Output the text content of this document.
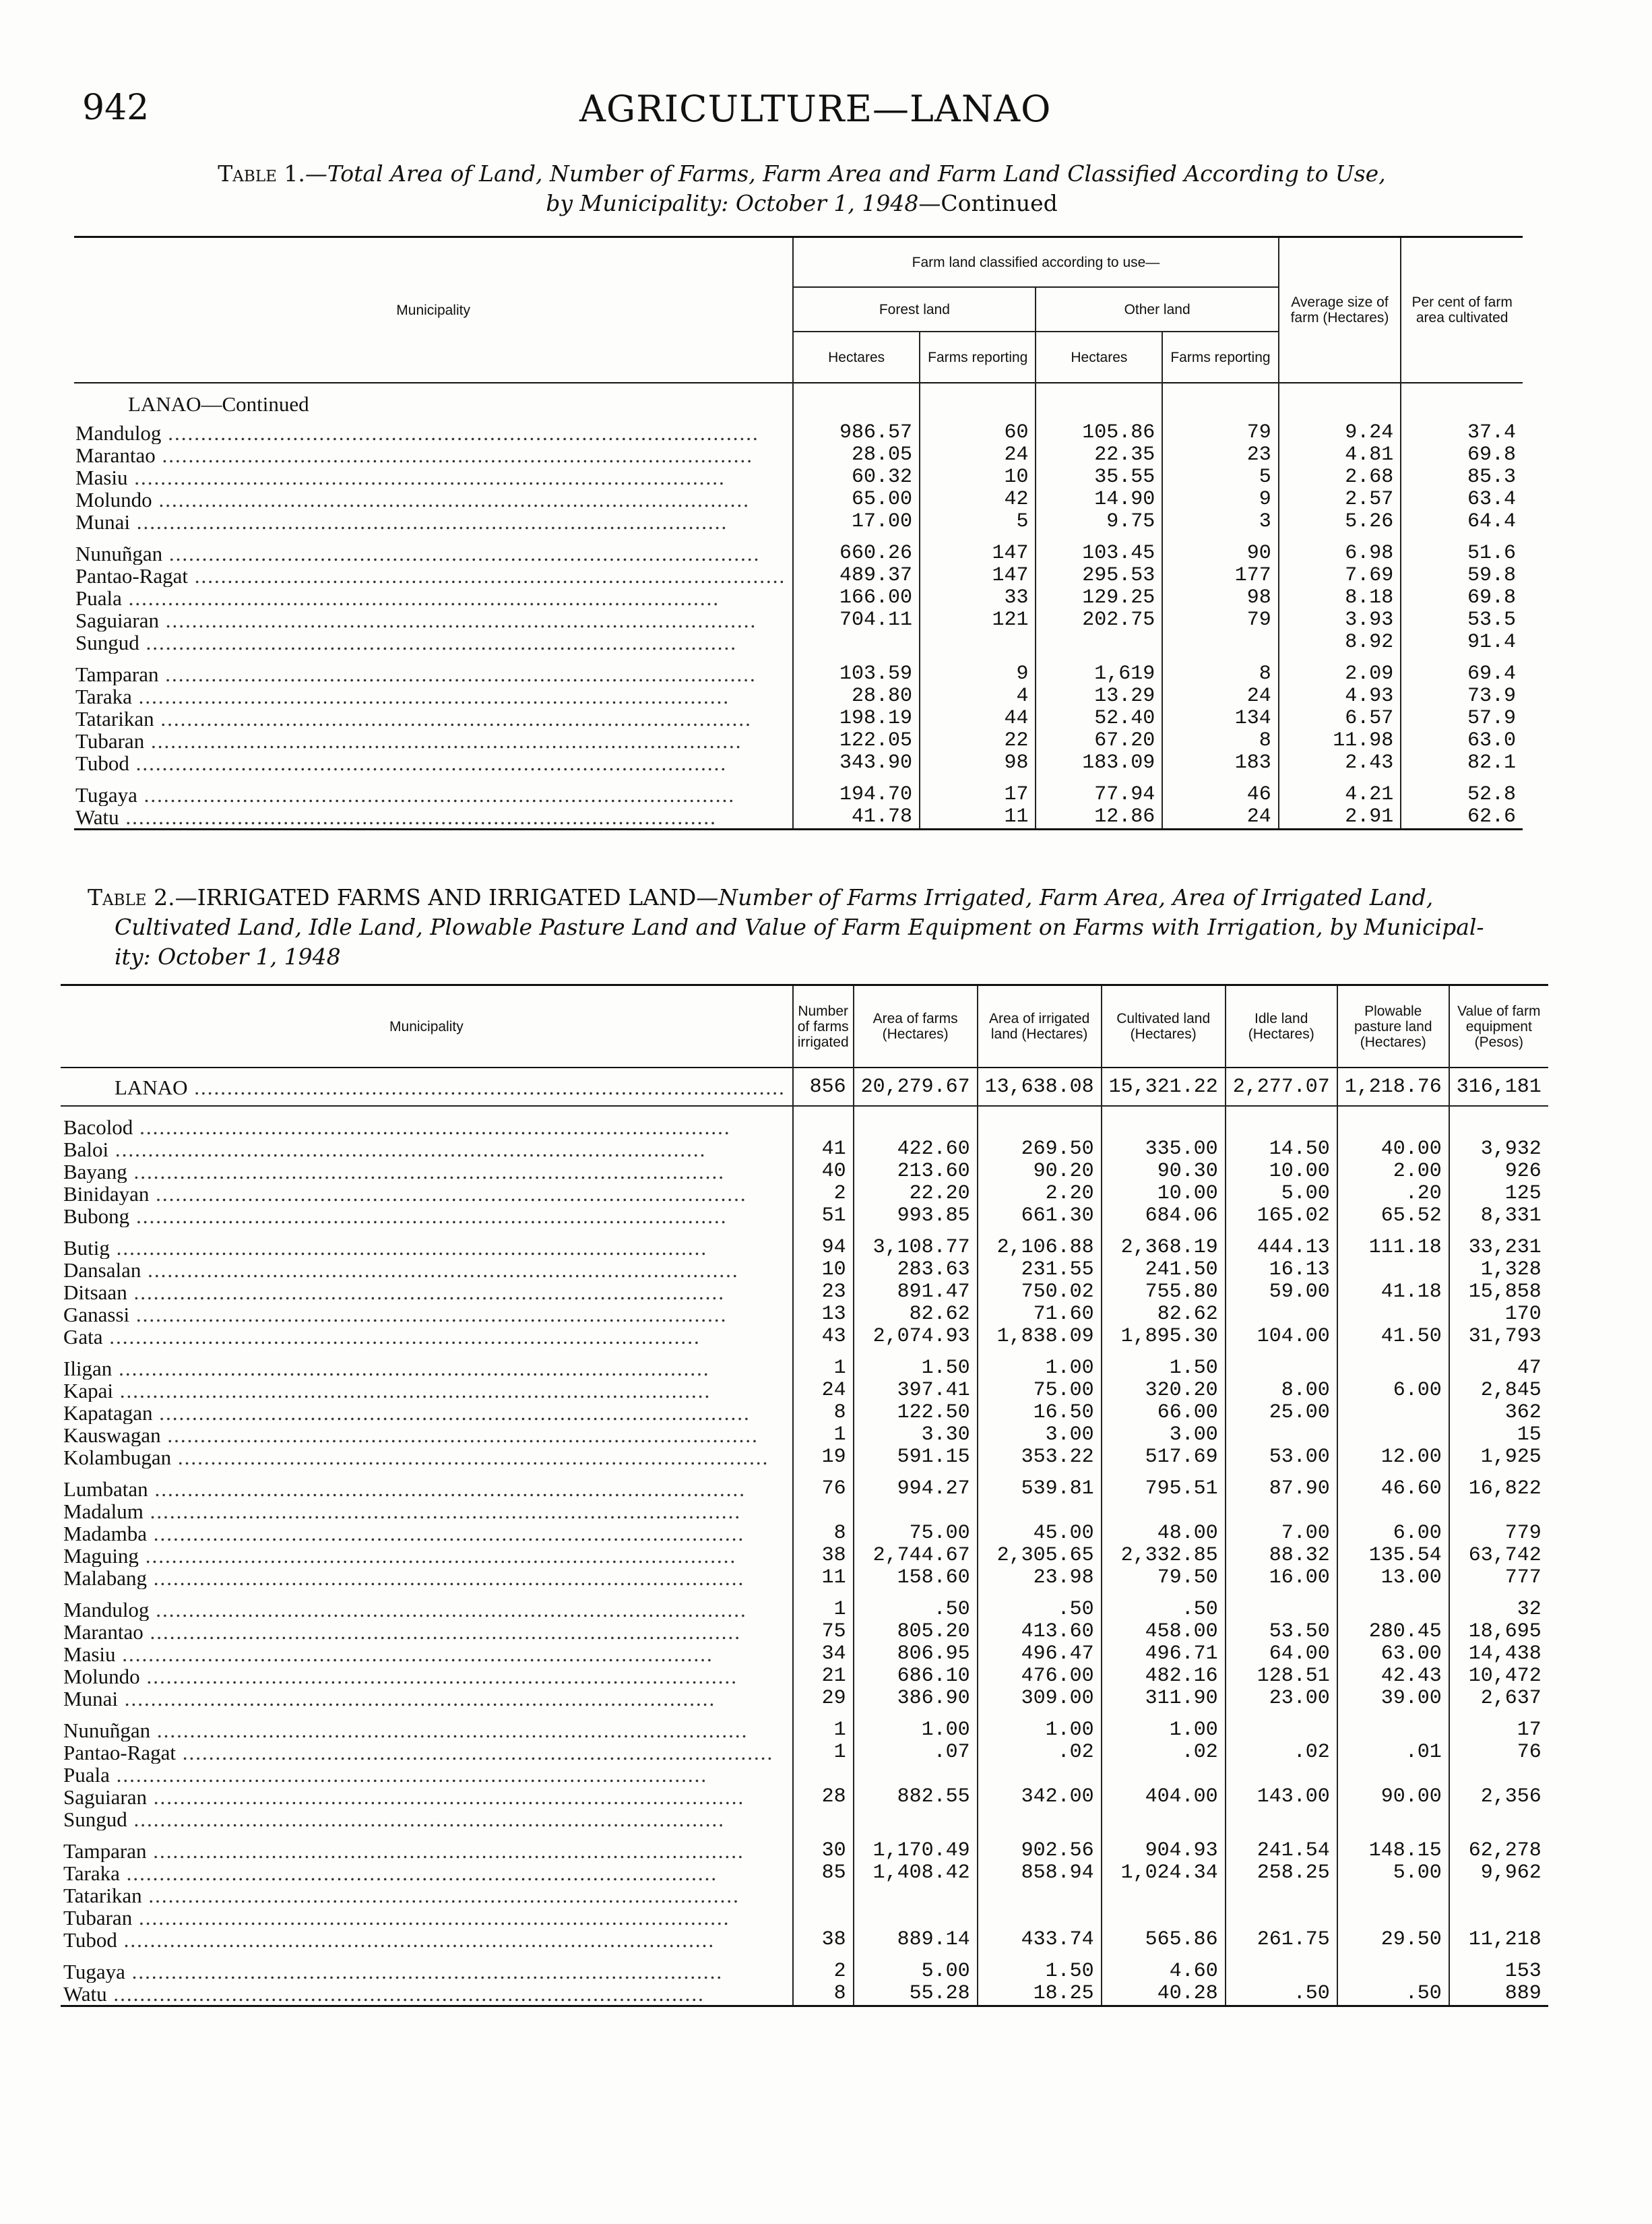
942	AGRICULTURE—LANAO
Table 1.—Total Area of Land, Number of Farms, Farm Area and Farm Land Classified According to Use,
by Municipality: October 1, 1948—Continued
Municipality	Farm land classified according to use—				Average size of farm (Hectares)	Per cent of farm area cultivated
	Forest land		Other land			
	Hectares	Farms reporting	Hectares	Farms reporting		
LANAO—Continued						
Mandulog .....	986.57	60	105.86	79	9.24	37.4
Marantao .....	28.05	24	22.35	23	4.81	69.8
Masiu .....	60.32	10	35.55	5	2.68	85.3
Molundo .....	65.00	42	14.90	9	2.57	63.4
Munai .....	17.00	5	9.75	3	5.26	64.4

Nunuñgan .....	660.26	147	103.45	90	6.98	51.6
Pantao-Ragat .....	489.37	147	295.53	177	7.69	59.8
Puala .....	166.00	33	129.25	98	8.18	69.8
Saguiaran .....	704.11	121	202.75	79	3.93	53.5
Sungud .....					8.92	91.4

Tamparan .....	103.59	9	1,619	8	2.09	69.4
Taraka .....	28.80	4	13.29	24	4.93	73.9
Tatarikan .....	198.19	44	52.40	134	6.57	57.9
Tubaran .....	122.05	22	67.20	8	11.98	63.0
Tubod .....	343.90	98	183.09	183	2.43	82.1

Tugaya .....	194.70	17	77.94	46	4.21	52.8
Watu .....	41.78	11	12.86	24	2.91	62.6
Table 2.—IRRIGATED FARMS AND IRRIGATED LAND—Number of Farms Irrigated, Farm Area, Area of Irrigated Land,
Cultivated Land, Idle Land, Plowable Pasture Land and Value of Farm Equipment on Farms with Irrigation, by Municipal-
ity: October 1, 1948
Municipality	Number of farms irrigated	Area of farms (Hectares)	Area of irrigated land (Hectares)	Cultivated land (Hectares)	Idle land (Hectares)	Plowable pasture land (Hectares)	Value of farm equipment (Pesos)
LANAO .....	856	20,279.67	13,638.08	15,321.22	2,277.07	1,218.76	316,181

Bacolod .....							
Baloi .....	41	422.60	269.50	335.00	14.50	40.00	3,932
Bayang .....	40	213.60	90.20	90.30	10.00	2.00	926
Binidayan .....	2	22.20	2.20	10.00	5.00	.20	125
Bubong .....	51	993.85	661.30	684.06	165.02	65.52	8,331

Butig .....	94	3,108.77	2,106.88	2,368.19	444.13	111.18	33,231
Dansalan .....	10	283.63	231.55	241.50	16.13		1,328
Ditsaan .....	23	891.47	750.02	755.80	59.00	41.18	15,858
Ganassi .....	13	82.62	71.60	82.62			170
Gata .....	43	2,074.93	1,838.09	1,895.30	104.00	41.50	31,793

Iligan .....	1	1.50	1.00	1.50			47
Kapai .....	24	397.41	75.00	320.20	8.00	6.00	2,845
Kapatagan .....	8	122.50	16.50	66.00	25.00		362
Kauswagan .....	1	3.30	3.00	3.00			15
Kolambugan .....	19	591.15	353.22	517.69	53.00	12.00	1,925

Lumbatan .....	76	994.27	539.81	795.51	87.90	46.60	16,822
Madalum .....							
Madamba .....	8	75.00	45.00	48.00	7.00	6.00	779
Maguing .....	38	2,744.67	2,305.65	2,332.85	88.32	135.54	63,742
Malabang .....	11	158.60	23.98	79.50	16.00	13.00	777

Mandulog .....	1	.50	.50	.50			32
Marantao .....	75	805.20	413.60	458.00	53.50	280.45	18,695
Masiu .....	34	806.95	496.47	496.71	64.00	63.00	14,438
Molundo .....	21	686.10	476.00	482.16	128.51	42.43	10,472
Munai .....	29	386.90	309.00	311.90	23.00	39.00	2,637

Nunuñgan .....	1	1.00	1.00	1.00			17
Pantao-Ragat .....	1	.07	.02	.02	.02	.01	76
Puala .....							
Saguiaran .....	28	882.55	342.00	404.00	143.00	90.00	2,356
Sungud .....							

Tamparan .....	30	1,170.49	902.56	904.93	241.54	148.15	62,278
Taraka .....	85	1,408.42	858.94	1,024.34	258.25	5.00	9,962
Tatarikan .....							
Tubaran .....							
Tubod .....	38	889.14	433.74	565.86	261.75	29.50	11,218

Tugaya .....	2	5.00	1.50	4.60			153
Watu .....	8	55.28	18.25	40.28	.50	.50	889
